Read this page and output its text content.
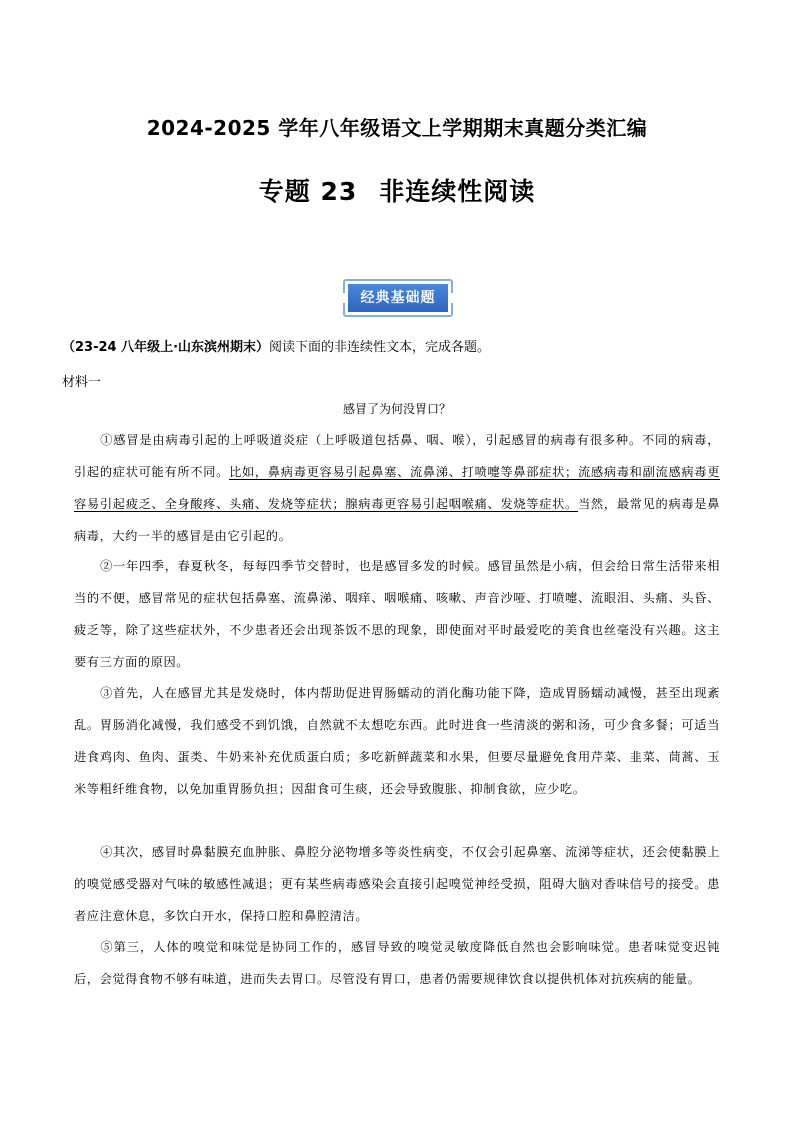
2024-2025 学年八年级语文上学期期末真题分类汇编
专题 23 非连续性阅读
经典基础题
（23-24 八年级上·山东滨州期末）阅读下面的非连续性文本，完成各题。
材料一
感冒了为何没胃口？
①感冒是由病毒引起的上呼吸道炎症（上呼吸道包括鼻、咽、喉），引起感冒的病毒有很多种。不同的病毒，引起的症状可能有所不同。比如，鼻病毒更容易引起鼻塞、流鼻涕、打喷嚏等鼻部症状；流感病毒和副流感病毒更容易引起疲乏、全身酸疼、头痛、发烧等症状；腺病毒更容易引起咽喉痛、发烧等症状。当然，最常见的病毒是鼻病毒，大约一半的感冒是由它引起的。
②一年四季，春夏秋冬，每每四季节交替时，也是感冒多发的时候。感冒虽然是小病，但会给日常生活带来相当的不便，感冒常见的症状包括鼻塞、流鼻涕、咽痒、咽喉痛、咳嗽、声音沙哑、打喷嚏、流眼泪、头痛、头昏、疲乏等，除了这些症状外，不少患者还会出现茶饭不思的现象，即使面对平时最爱吃的美食也丝毫没有兴趣。这主要有三方面的原因。
③首先，人在感冒尤其是发烧时，体内帮助促进胃肠蠕动的消化酶功能下降，造成胃肠蠕动减慢，甚至出现紊乱。胃肠消化减慢，我们感受不到饥饿，自然就不太想吃东西。此时进食一些清淡的粥和汤，可少食多餐；可适当进食鸡肉、鱼肉、蛋类、牛奶来补充优质蛋白质；多吃新鲜蔬菜和水果，但要尽量避免食用芹菜、韭菜、茼蒿、玉米等粗纤维食物，以免加重胃肠负担；因甜食可生痰，还会导致腹胀、抑制食欲，应少吃。
④其次，感冒时鼻黏膜充血肿胀、鼻腔分泌物增多等炎性病变，不仅会引起鼻塞、流涕等症状，还会使黏膜上的嗅觉感受器对气味的敏感性减退；更有某些病毒感染会直接引起嗅觉神经受损，阻碍大脑对香味信号的接受。患者应注意休息，多饮白开水，保持口腔和鼻腔清洁。
⑤第三，人体的嗅觉和味觉是协同工作的，感冒导致的嗅觉灵敏度降低自然也会影响味觉。患者味觉变迟钝后，会觉得食物不够有味道，进而失去胃口。尽管没有胃口，患者仍需要规律饮食以提供机体对抗疾病的能量。
